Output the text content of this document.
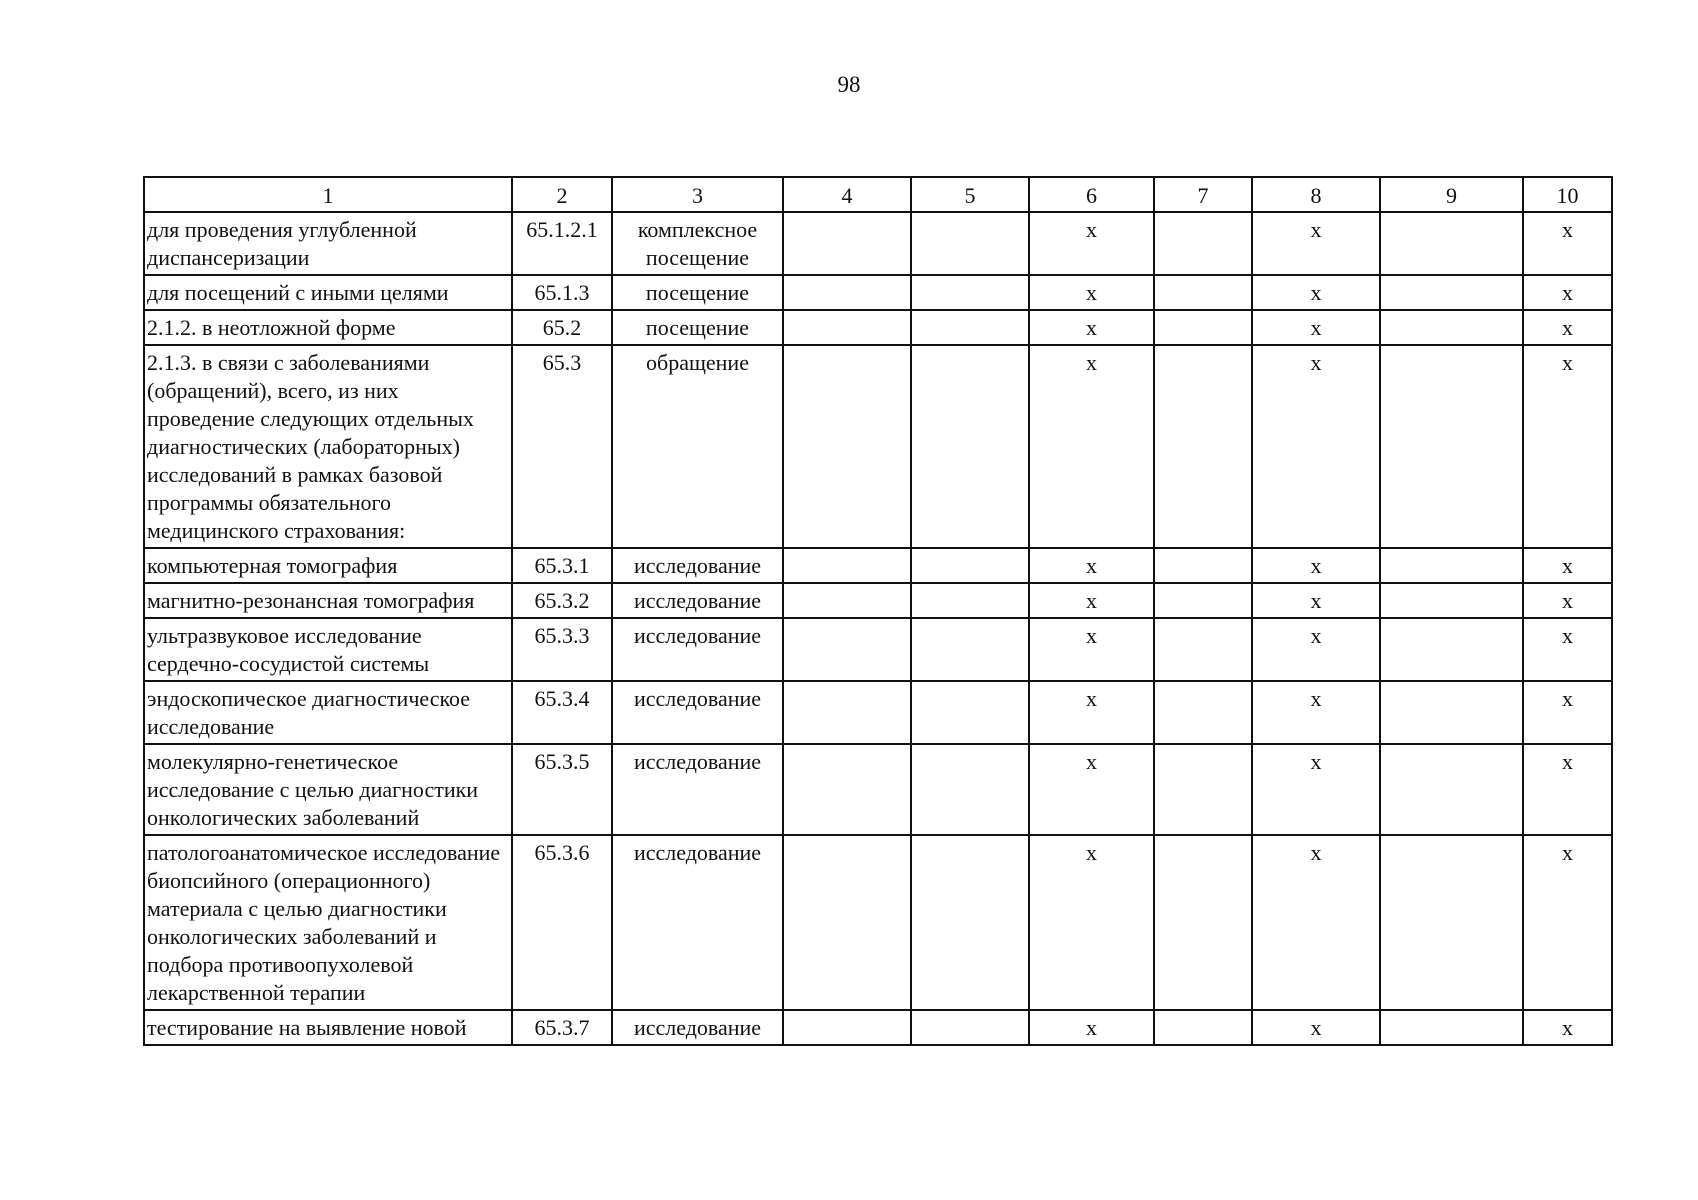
98
1	2	3	4	5	6	7	8	9	10
для проведения углубленной диспансеризации	65.1.2.1	комплексное посещение			х		х		х
для посещений с иными целями	65.1.3	посещение			х		х		х
2.1.2. в неотложной форме	65.2	посещение			х		х		х
2.1.3. в связи с заболеваниями (обращений), всего, из них проведение следующих отдельных диагностических (лабораторных) исследований в рамках базовой программы обязательного медицинского страхования:	65.3	обращение			х		х		х
компьютерная томография	65.3.1	исследование			х		х		х
магнитно-резонансная томография	65.3.2	исследование			х		х		х
ультразвуковое исследование сердечно-сосудистой системы	65.3.3	исследование			х		х		х
эндоскопическое диагностическое исследование	65.3.4	исследование			х		х		х
молекулярно-генетическое исследование с целью диагностики онкологических заболеваний	65.3.5	исследование			х		х		х
патологоанатомическое исследование биопсийного (операционного) материала с целью диагностики онкологических заболеваний и подбора противоопухолевой лекарственной терапии	65.3.6	исследование			х		х		х
тестирование на выявление новой	65.3.7	исследование			х		х		х
